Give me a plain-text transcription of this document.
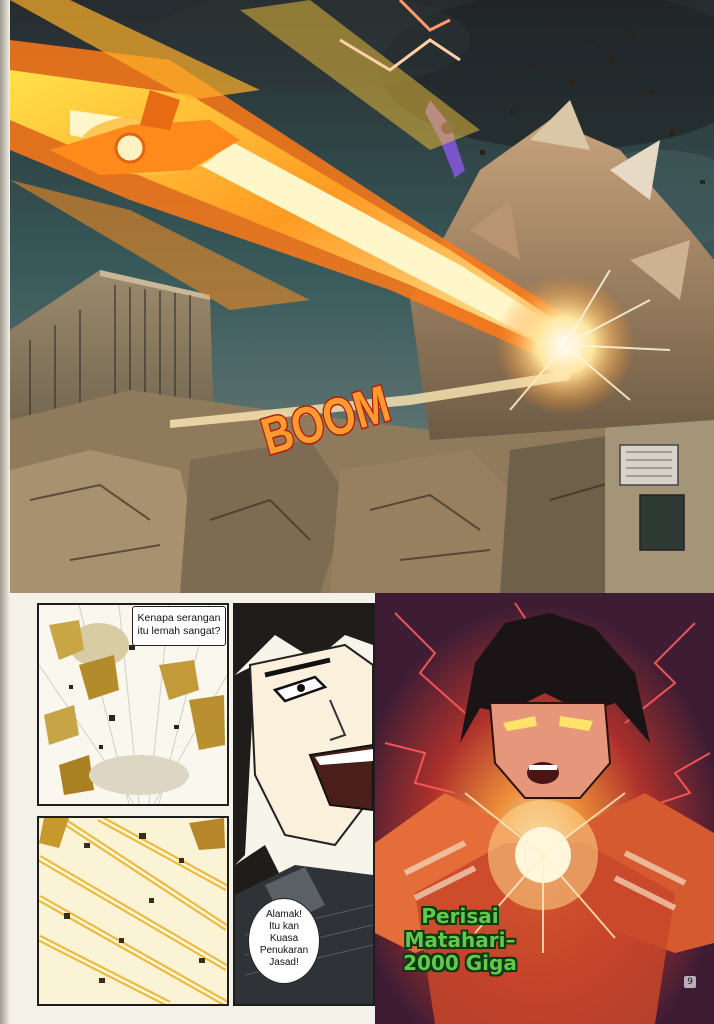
BOOM
Kenapa serangan itu lemah sangat?
Alamak!
Itu kan
Kuasa
Penukaran
Jasad!
Perisai
Matahari–
2000 Giga
9
